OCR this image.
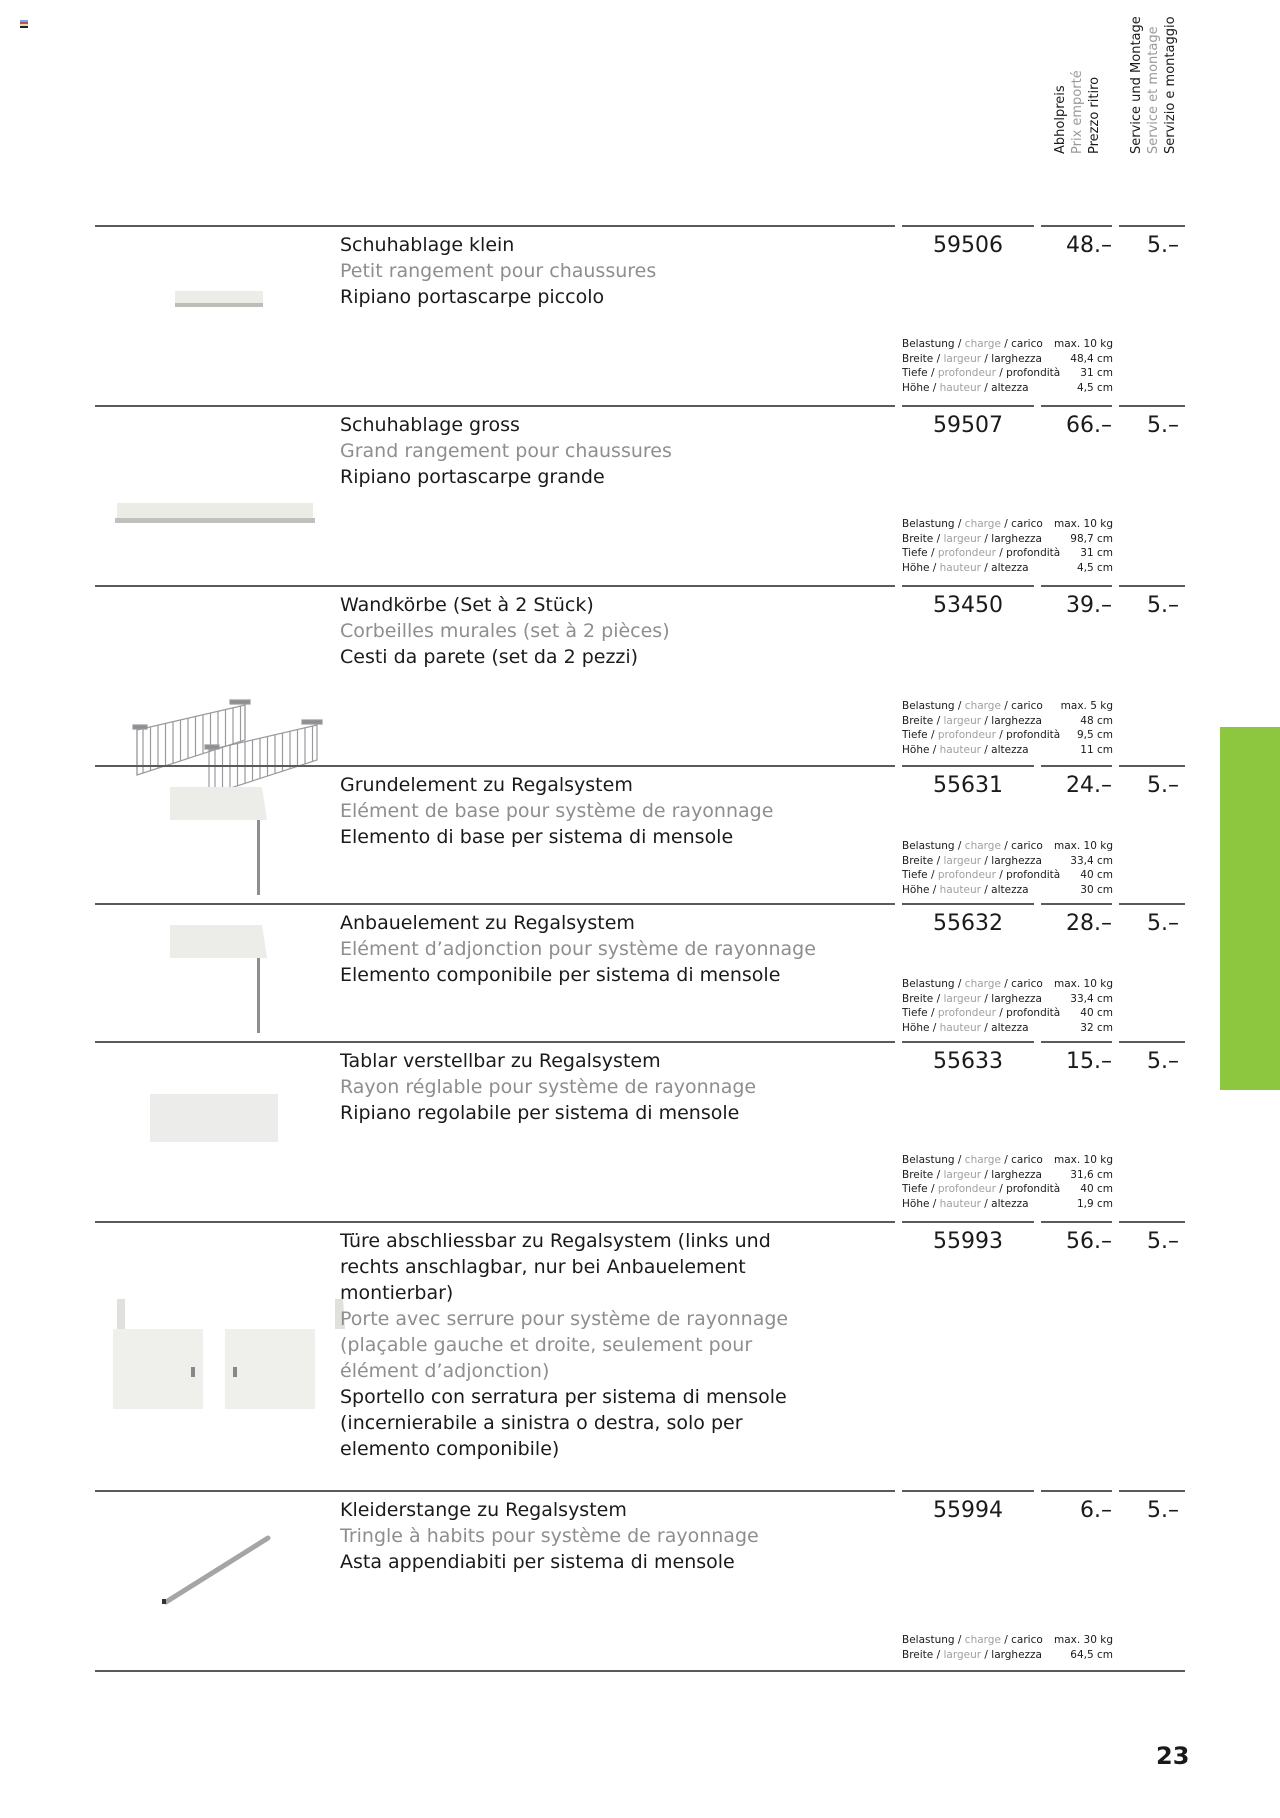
Abholpreis Prix emporté Prezzo ritiro Service und Montage Service et montage Servizio e montaggio
Schuhablage klein
Petit rangement pour chaussures
Ripiano portascarpe piccolo
59506	48.–	5.–
Belastung / charge / carico max. 10 kg
Breite / largeur / larghezza	48,4 cm
Tiefe / profondeur / profondità 31 cm
Höhe / hauteur / altezza	4,5 cm
Schuhablage gross
Grand rangement pour chaussures
Ripiano portascarpe grande
59507	66.–	5.–
Belastung / charge / carico max. 10 kg
Breite / largeur / larghezza	98,7 cm
Tiefe / profondeur / profondità 31 cm
Höhe / hauteur / altezza	4,5 cm
Wandkörbe (Set à 2 Stück)
Corbeilles murales (set à 2 pièces)
Cesti da parete (set da 2 pezzi)
53450	39.–	5.–
Belastung / charge / carico max. 5 kg
Breite / largeur / larghezza	48 cm
Tiefe / profondeur / profondità 9,5 cm
Höhe / hauteur / altezza	11 cm
Grundelement zu Regalsystem
Elément de base pour système de rayonnage
Elemento di base per sistema di mensole
55631	24.–	5.–
Belastung / charge / carico max. 10 kg
Breite / largeur / larghezza	33,4 cm
Tiefe / profondeur / profondità 40 cm
Höhe / hauteur / altezza	30 cm
Anbauelement zu Regalsystem
Elément d’adjonction pour système de rayonnage
Elemento componibile per sistema di mensole
55632	28.–	5.–
Belastung / charge / carico max. 10 kg
Breite / largeur / larghezza	33,4 cm
Tiefe / profondeur / profondità 40 cm
Höhe / hauteur / altezza	32 cm
Tablar verstellbar zu Regalsystem
Rayon réglable pour système de rayonnage
Ripiano regolabile per sistema di mensole
55633	15.–	5.–
Belastung / charge / carico max. 10 kg
Breite / largeur / larghezza	31,6 cm
Tiefe / profondeur / profondità 40 cm
Höhe / hauteur / altezza	1,9 cm
Türe abschliessbar zu Regalsystem (links und rechts anschlagbar, nur bei Anbauelement montierbar)
Porte avec serrure pour système de rayonnage (plaçable gauche et droite, seulement pour élément d’adjonction)
Sportello con serratura per sistema di mensole (incernierabile a sinistra o destra, solo per elemento componibile)
55993	56.–	5.–
Kleiderstange zu Regalsystem
Tringle à habits pour système de rayonnage
Asta appendiabiti per sistema di mensole
55994	6.–	5.–
Belastung / charge / carico max. 30 kg
Breite / largeur / larghezza	64,5 cm
23
